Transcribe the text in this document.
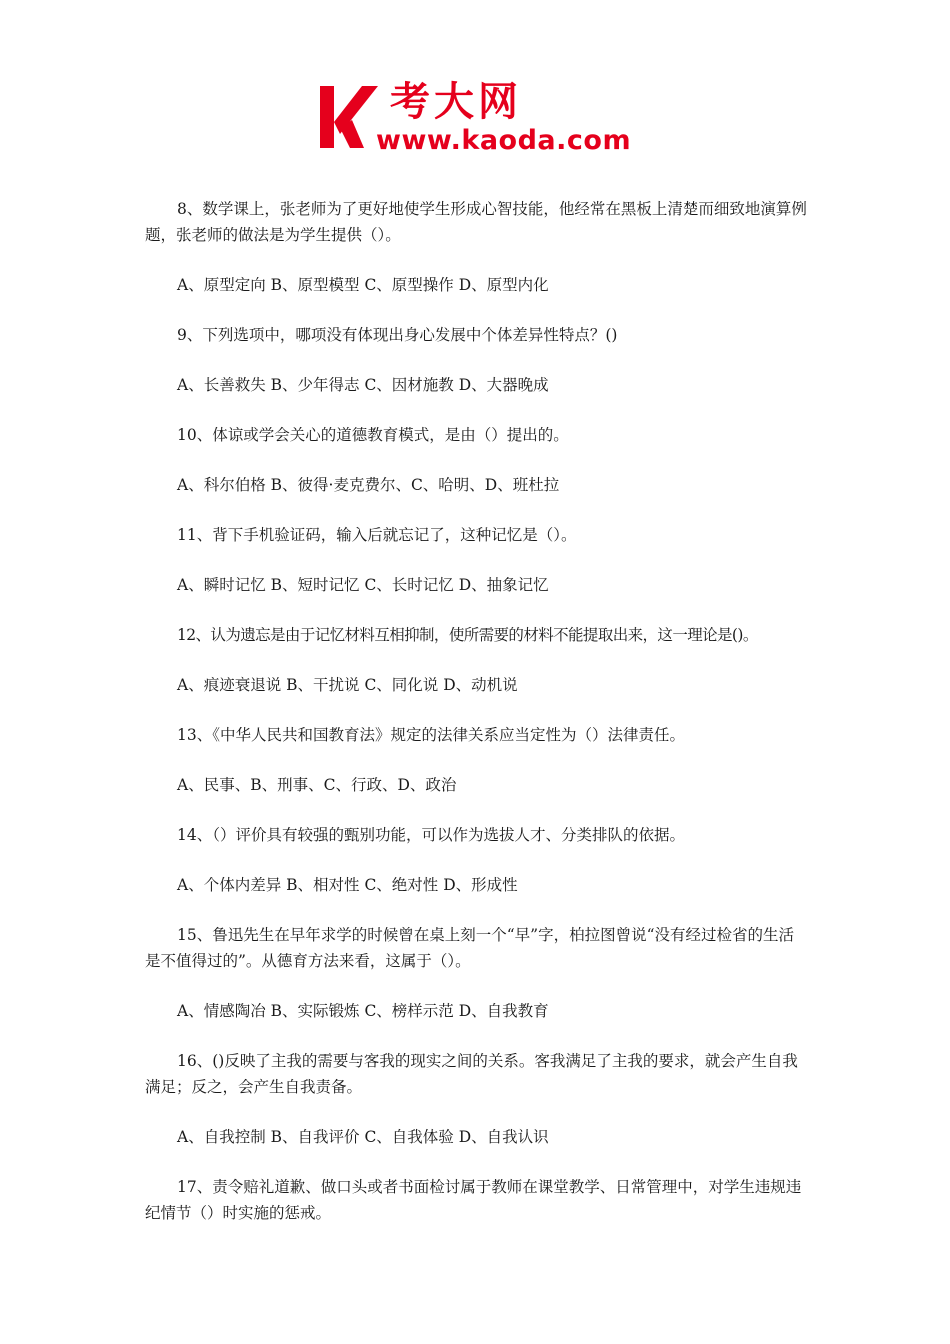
考大网
www.kaoda.com

8、数学课上，张老师为了更好地使学生形成心智技能，他经常在黑板上清楚而细致地演算例题，张老师的做法是为学生提供（）。

A、原型定向 B、原型模型 C、原型操作 D、原型内化

9、下列选项中，哪项没有体现出身心发展中个体差异性特点？()

A、长善救失 B、少年得志 C、因材施教 D、大器晚成

10、体谅或学会关心的道德教育模式，是由（）提出的。

A、科尔伯格 B、彼得·麦克费尔、C、哈明、D、班杜拉

11、背下手机验证码，输入后就忘记了，这种记忆是（）。

A、瞬时记忆 B、短时记忆 C、长时记忆 D、抽象记忆

12、认为遗忘是由于记忆材料互相抑制，使所需要的材料不能提取出来，这一理论是()。

A、痕迹衰退说 B、干扰说 C、同化说 D、动机说

13、《中华人民共和国教育法》规定的法律关系应当定性为（）法律责任。

A、民事、B、刑事、C、行政、D、政治

14、（）评价具有较强的甄别功能，可以作为选拔人才、分类排队的依据。

A、个体内差异 B、相对性 C、绝对性 D、形成性

15、鲁迅先生在早年求学的时候曾在桌上刻一个“早”字，柏拉图曾说“没有经过检省的生活是不值得过的”。从德育方法来看，这属于（）。

A、情感陶冶 B、实际锻炼 C、榜样示范 D、自我教育

16、()反映了主我的需要与客我的现实之间的关系。客我满足了主我的要求，就会产生自我满足；反之，会产生自我责备。

A、自我控制 B、自我评价 C、自我体验 D、自我认识

17、责令赔礼道歉、做口头或者书面检讨属于教师在课堂教学、日常管理中，对学生违规违纪情节（）时实施的惩戒。
